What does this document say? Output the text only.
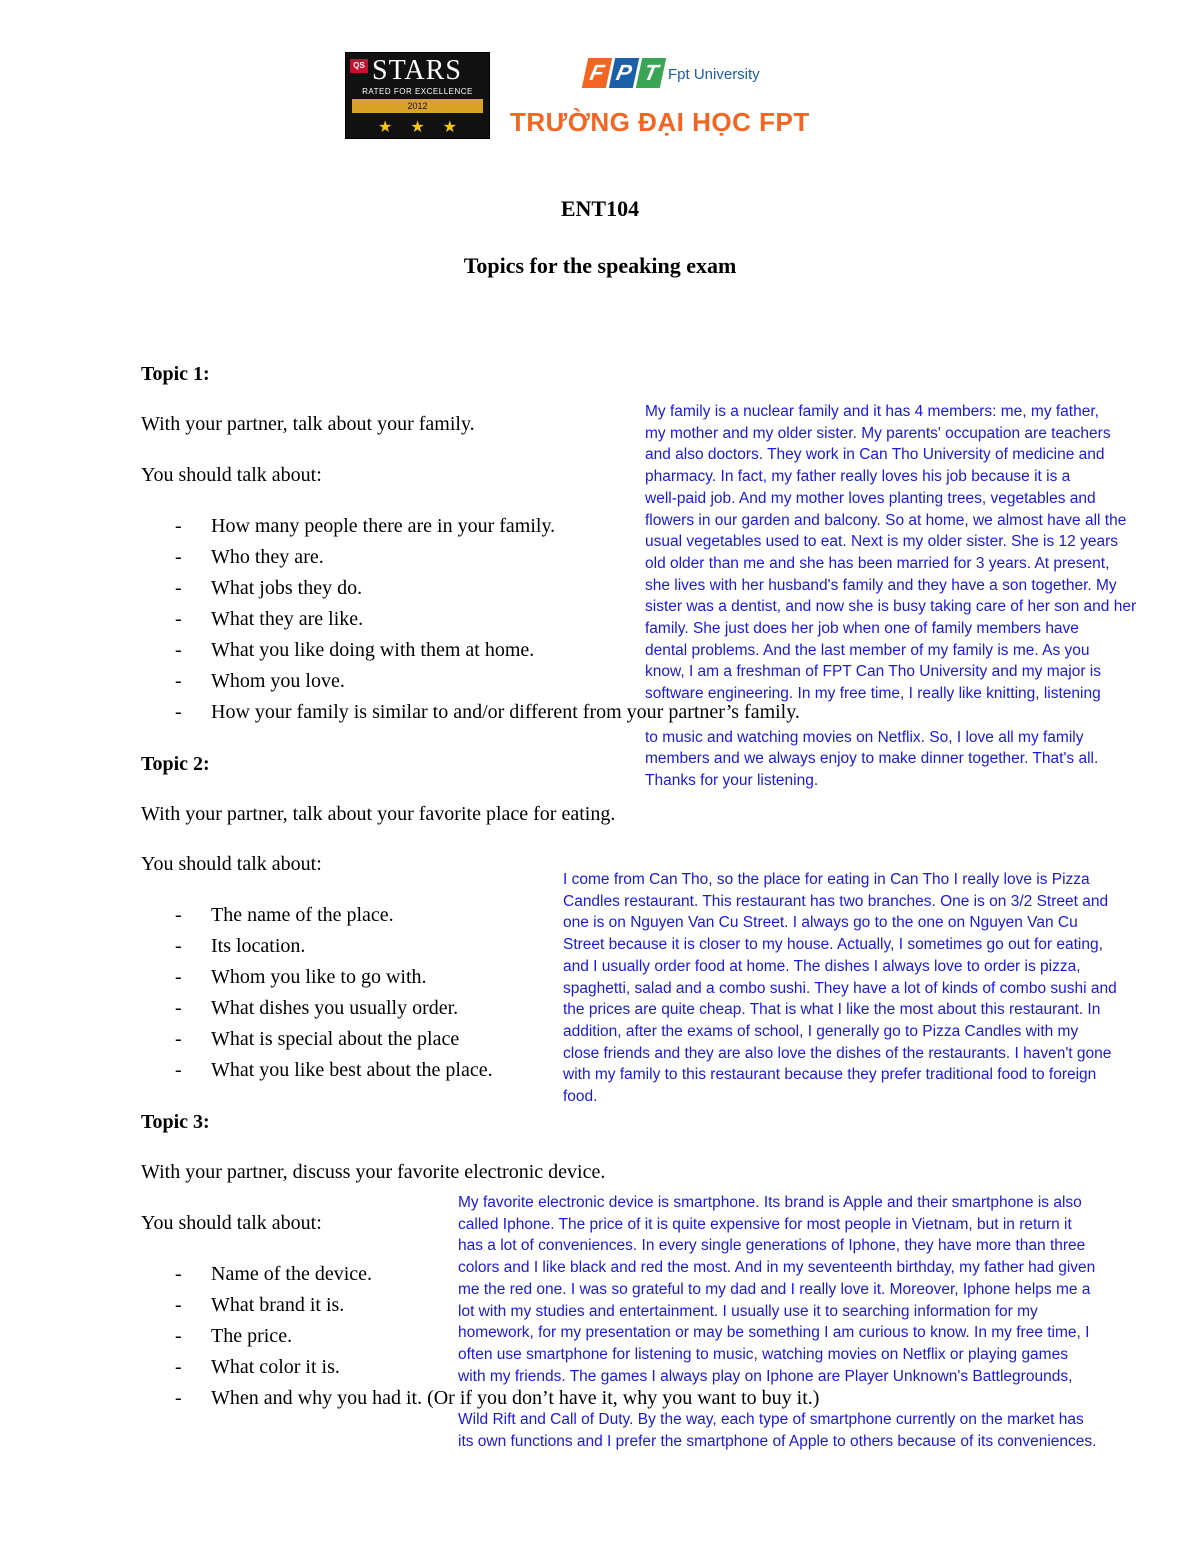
QS STARS
RATED FOR EXCELLENCE
2012
★★★
F P T Fpt University
TRƯỜNG ĐẠI HỌC FPT
ENT104
Topics for the speaking exam
Topic 1:
With your partner, talk about your family.
You should talk about:
- How many people there are in your family.
- Who they are.
- What jobs they do.
- What they are like.
- What you like doing with them at home.
- Whom you love.
- How your family is similar to and/or different from your partner’s family.
My family is a nuclear family and it has 4 members: me, my father,
my mother and my older sister. My parents' occupation are teachers
and also doctors. They work in Can Tho University of medicine and
pharmacy. In fact, my father really loves his job because it is a
well-paid job. And my mother loves planting trees, vegetables and
flowers in our garden and balcony. So at home, we almost have all the
usual vegetables used to eat. Next is my older sister. She is 12 years
old older than me and she has been married for 3 years. At present,
she lives with her husband's family and they have a son together. My
sister was a dentist, and now she is busy taking care of her son and her
family. She just does her job when one of family members have
dental problems. And the last member of my family is me. As you
know, I am a freshman of FPT Can Tho University and my major is
software engineering. In my free time, I really like knitting, listening
to music and watching movies on Netflix. So, I love all my family
members and we always enjoy to make dinner together. That's all.
Thanks for your listening.
Topic 2:
With your partner, talk about your favorite place for eating.
You should talk about:
- The name of the place.
- Its location.
- Whom you like to go with.
- What dishes you usually order.
- What is special about the place
- What you like best about the place.
I come from Can Tho, so the place for eating in Can Tho I really love is Pizza
Candles restaurant. This restaurant has two branches. One is on 3/2 Street and
one is on Nguyen Van Cu Street. I always go to the one on Nguyen Van Cu
Street because it is closer to my house. Actually, I sometimes go out for eating,
and I usually order food at home. The dishes I always love to order is pizza,
spaghetti, salad and a combo sushi. They have a lot of kinds of combo sushi and
the prices are quite cheap. That is what I like the most about this restaurant. In
addition, after the exams of school, I generally go to Pizza Candles with my
close friends and they are also love the dishes of the restaurants. I haven't gone
with my family to this restaurant because they prefer traditional food to foreign
food.
Topic 3:
With your partner, discuss your favorite electronic device.
You should talk about:
- Name of the device.
- What brand it is.
- The price.
- What color it is.
- When and why you had it. (Or if you don’t have it, why you want to buy it.)
My favorite electronic device is smartphone. Its brand is Apple and their smartphone is also
called Iphone. The price of it is quite expensive for most people in Vietnam, but in return it
has a lot of conveniences. In every single generations of Iphone, they have more than three
colors and I like black and red the most. And in my seventeenth birthday, my father had given
me the red one. I was so grateful to my dad and I really love it. Moreover, Iphone helps me a
lot with my studies and entertainment. I usually use it to searching information for my
homework, for my presentation or may be something I am curious to know. In my free time, I
often use smartphone for listening to music, watching movies on Netflix or playing games
with my friends. The games I always play on Iphone are Player Unknown's Battlegrounds,
Wild Rift and Call of Duty. By the way, each type of smartphone currently on the market has
its own functions and I prefer the smartphone of Apple to others because of its conveniences.
